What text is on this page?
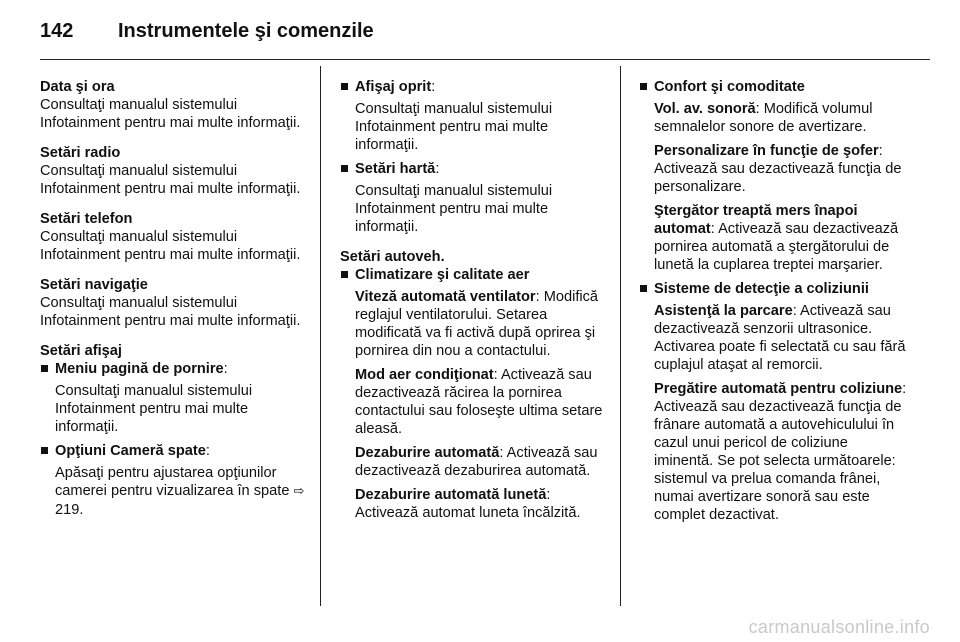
142 Instrumentele şi comenzile
Data şi ora
Consultaţi manualul sistemului Infotainment pentru mai multe informaţii.
Setări radio
Consultaţi manualul sistemului Infotainment pentru mai multe informaţii.
Setări telefon
Consultaţi manualul sistemului Infotainment pentru mai multe informaţii.
Setări navigaţie
Consultaţi manualul sistemului Infotainment pentru mai multe informaţii.
Setări afişaj
Meniu pagină de pornire:
Consultaţi manualul sistemului Infotainment pentru mai multe informaţii.
Opţiuni Cameră spate:
Apăsaţi pentru ajustarea opţiunilor camerei pentru vizualizarea în spate ⇨ 219.
Afişaj oprit:
Consultaţi manualul sistemului Infotainment pentru mai multe informaţii.
Setări hartă:
Consultaţi manualul sistemului Infotainment pentru mai multe informaţii.
Setări autoveh.
Climatizare şi calitate aer
Viteză automată ventilator: Modifică reglajul ventilatorului. Setarea modificată va fi activă după oprirea şi pornirea din nou a contactului.
Mod aer condiţionat: Activează sau dezactivează răcirea la pornirea contactului sau foloseşte ultima setare aleasă.
Dezaburire automată: Activează sau dezactivează dezaburirea automată.
Dezaburire automată lunetă: Activează automat luneta încălzită.
Confort şi comoditate
Vol. av. sonoră: Modifică volumul semnalelor sonore de avertizare.
Personalizare în funcţie de şofer: Activează sau dezactivează funcţia de personalizare.
Ştergător treaptă mers înapoi automat: Activează sau dezactivează pornirea automată a ştergătorului de lunetă la cuplarea treptei marşarier.
Sisteme de detecţie a coliziunii
Asistenţă la parcare: Activează sau dezactivează senzorii ultrasonice. Activarea poate fi selectată cu sau fără cuplajul ataşat al remorcii.
Pregătire automată pentru coliziune: Activează sau dezactivează funcţia de frânare automată a autovehiculului în cazul unui pericol de coliziune iminentă. Se pot selecta următoarele: sistemul va prelua comanda frânei, numai avertizare sonoră sau este complet dezactivat.
carmanualsonline.info
